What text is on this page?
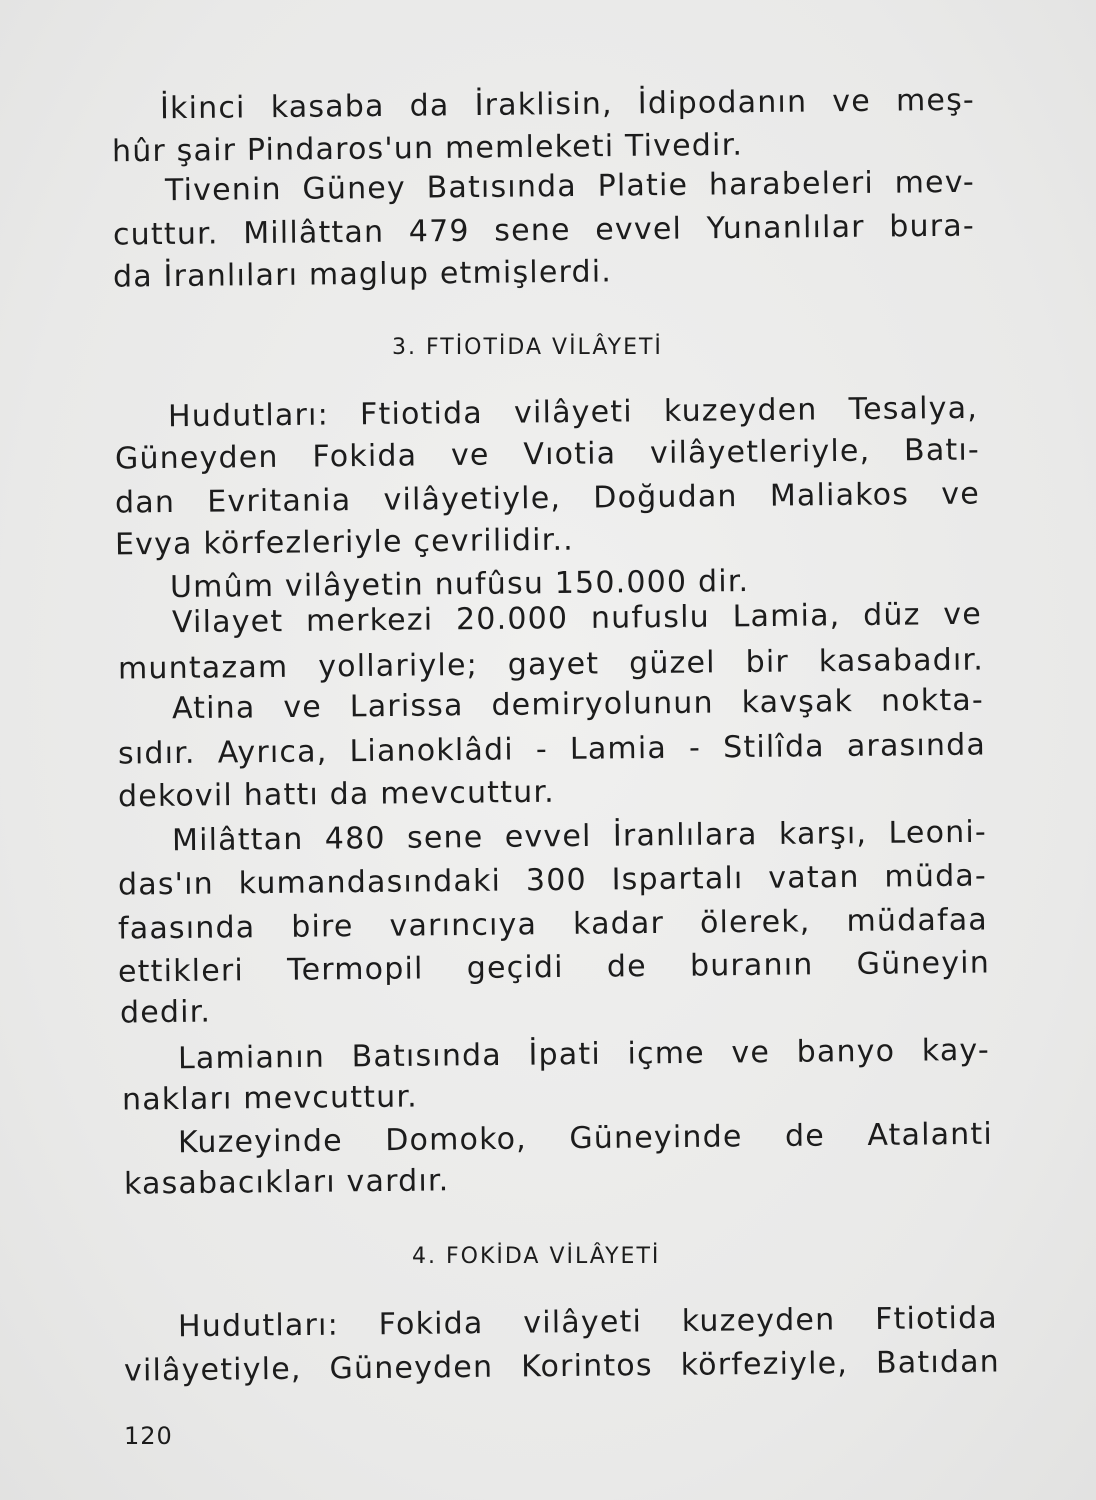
İkinci kasaba da İraklisin, İdipodanın ve meş-
hûr şair Pindaros'un memleketi Tivedir.
Tivenin Güney Batısında Platie harabeleri mev-
cuttur. Millâttan 479 sene evvel Yunanlılar bura-
da İranlıları maglup etmişlerdi.
3. FTİOTİDA VİLÂYETİ
Hudutları: Ftiotida vilâyeti kuzeyden Tesalya,
Güneyden Fokida ve Vıotia vilâyetleriyle, Batı-
dan Evritania vilâyetiyle, Doğudan Maliakos ve
Evya körfezleriyle çevrilidir..
Umûm vilâyetin nufûsu 150.000 dir.
Vilayet merkezi 20.000 nufuslu Lamia, düz ve
muntazam yollariyle; gayet güzel bir kasabadır.
Atina ve Larissa demiryolunun kavşak nokta-
sıdır. Ayrıca, Lianoklâdi - Lamia - Stilîda arasında
dekovil hattı da mevcuttur.
Milâttan 480 sene evvel İranlılara karşı, Leoni-
das'ın kumandasındaki 300 Ispartalı vatan müda-
faasında bire varıncıya kadar ölerek, müdafaa
ettikleri Termopil geçidi de buranın Güneyin
dedir.
Lamianın Batısında İpati içme ve banyo kay-
nakları mevcuttur.
Kuzeyinde Domoko, Güneyinde de Atalanti
kasabacıkları vardır.
4. FOKİDA VİLÂYETİ
Hudutları: Fokida vilâyeti kuzeyden Ftiotida
vilâyetiyle, Güneyden Korintos körfeziyle, Batıdan
120
